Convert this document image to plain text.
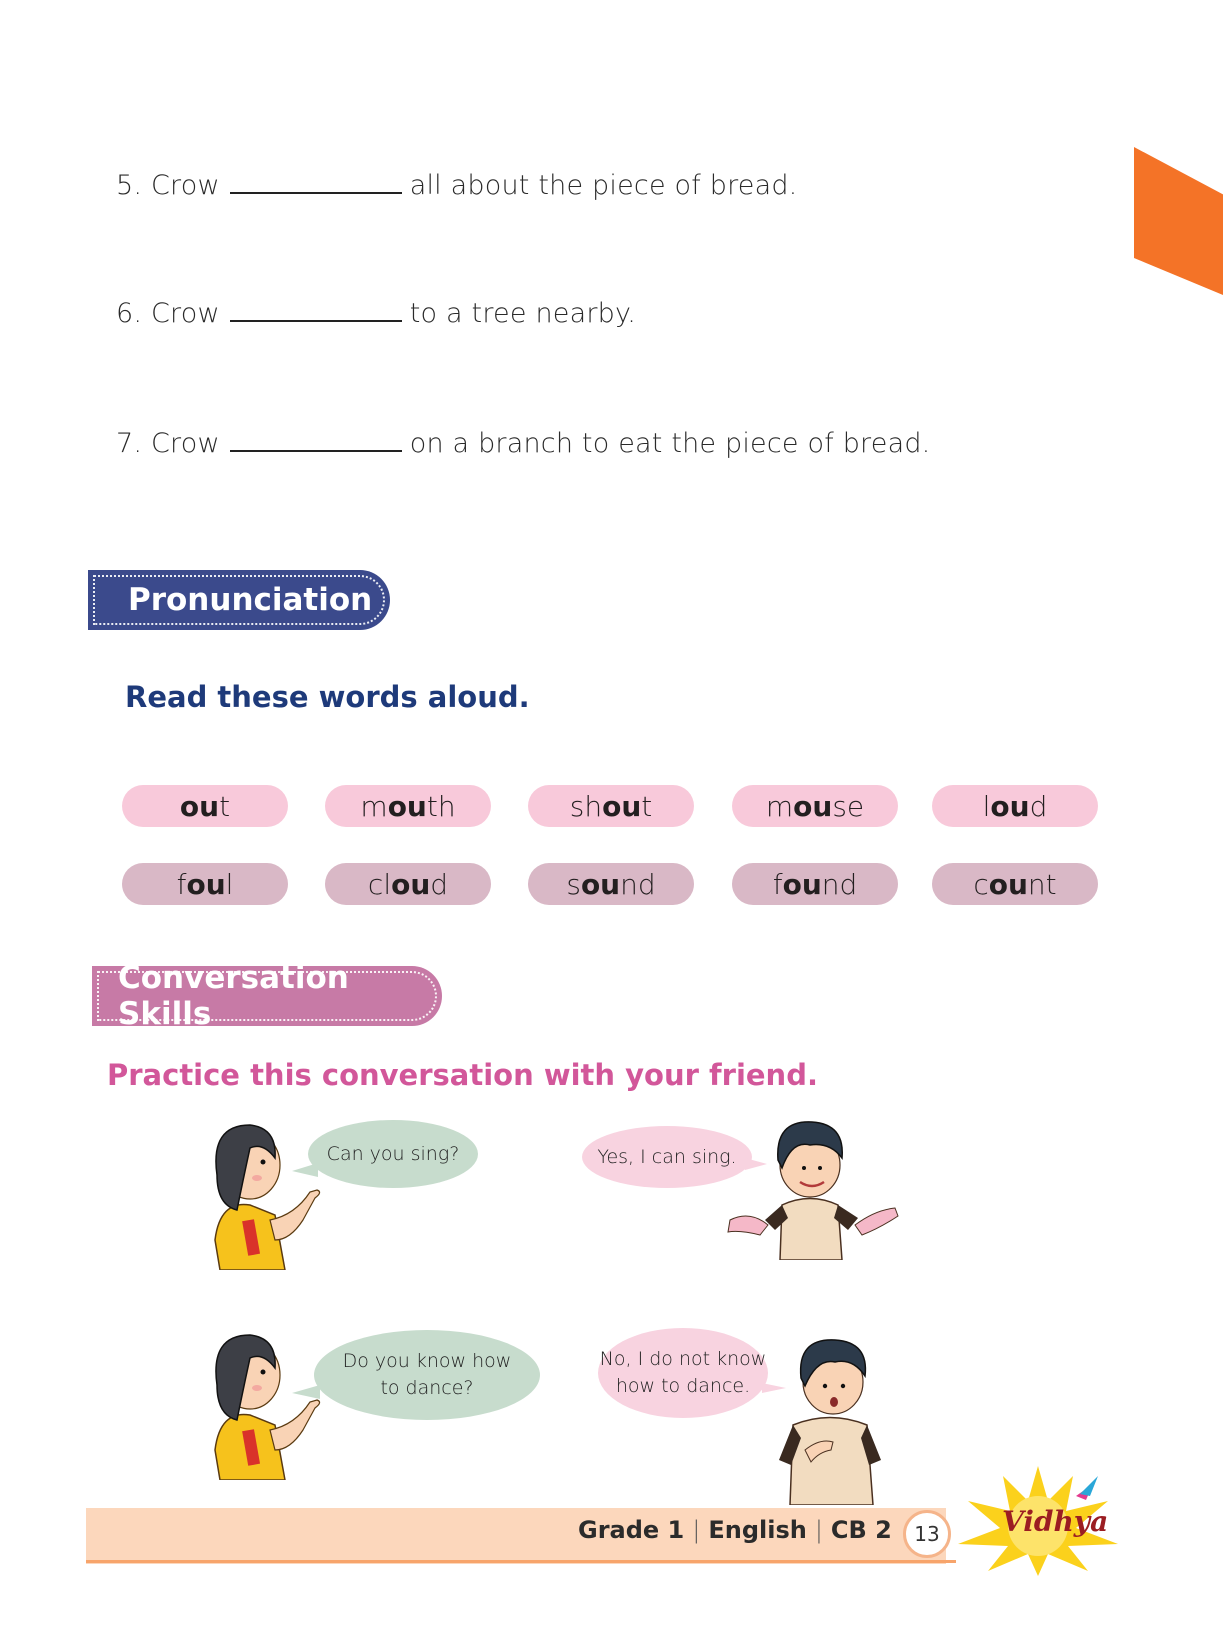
5. Crow	all about the piece of bread.
6. Crow	to a tree nearby.
7. Crow	on a branch to eat the piece of bread.
Pronunciation
Read these words aloud.
ou t	m ou th	sh ou t	m ou se	l ou d
f ou l	cl ou d	s ou nd	f ou nd	c ou nt
Conversation Skills
Practice this conversation with your friend.
Can you sing?	Yes, I can sing.
Do you know how
to dance?
No, I do not know
how to dance.
Grade 1 | English | CB 2 13 Vidhya
